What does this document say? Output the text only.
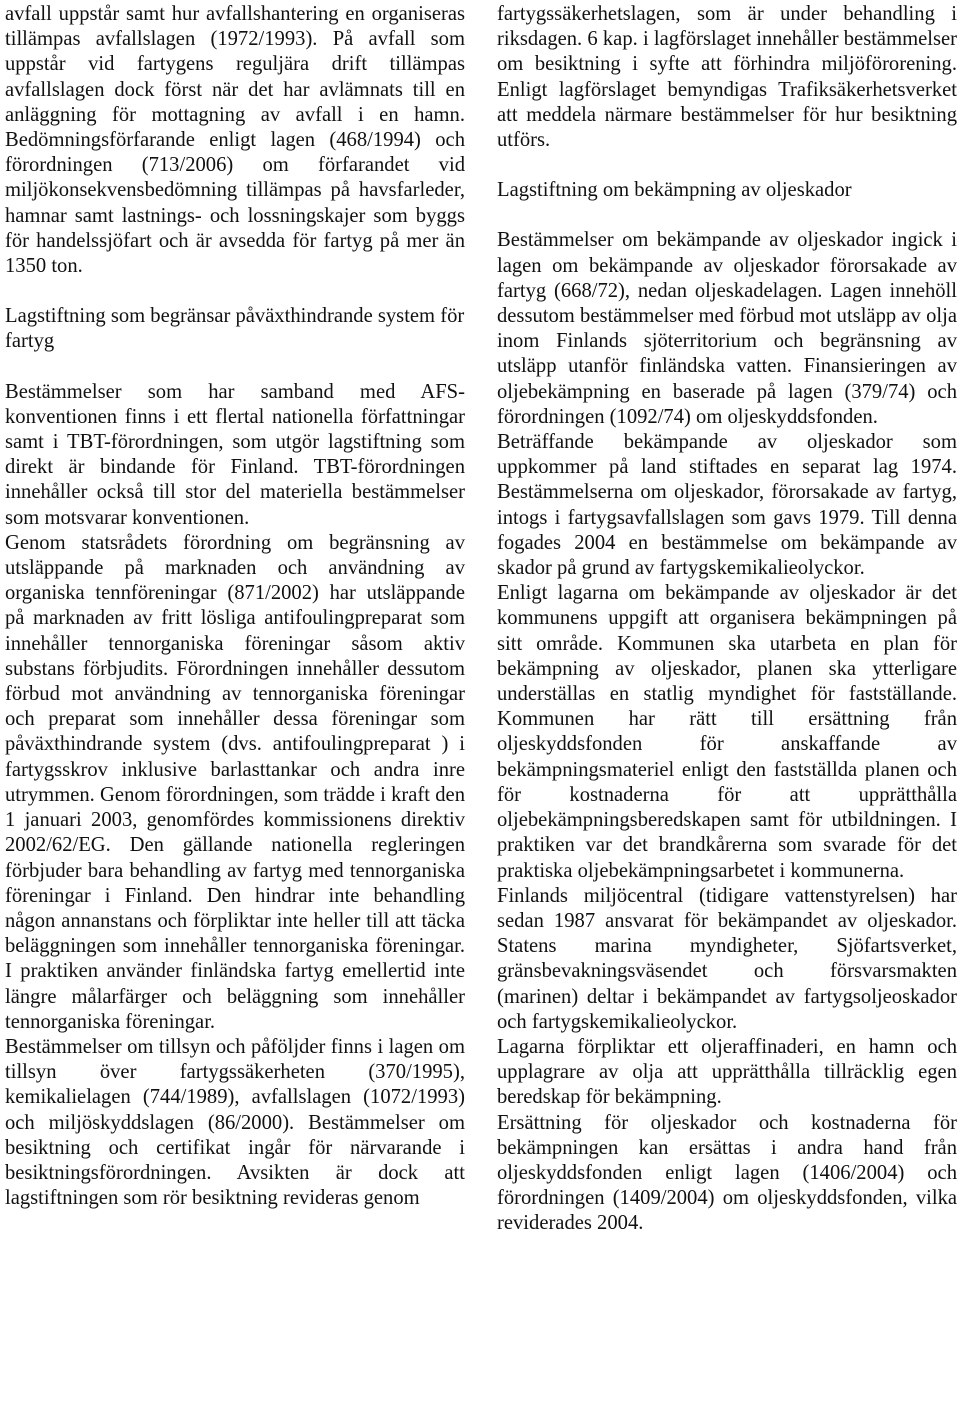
avfall uppstår samt hur avfallshantering en organiseras tillämpas avfallslagen (1972/1993). På avfall som uppstår vid fartygens reguljära drift tillämpas avfallslagen dock först när det har avlämnats till en anläggning för mottagning av avfall i en hamn. Bedömningsförfarande enligt lagen (468/1994) och förordningen (713/2006) om förfarandet vid miljökonsekvensbedömning tillämpas på havsfarleder, hamnar samt lastnings- och lossningskajer som byggs för handelssjöfart och är avsedda för fartyg på mer än 1350 ton.

Lagstiftning som begränsar påväxthindrande system för fartyg

Bestämmelser som har samband med AFS-konventionen finns i ett flertal nationella författningar samt i TBT-förordningen, som utgör lagstiftning som direkt är bindande för Finland. TBT-förordningen innehåller också till stor del materiella bestämmelser som motsvarar konventionen.

Genom statsrådets förordning om begränsning av utsläppande på marknaden och användning av organiska tennföreningar (871/2002) har utsläppande på marknaden av fritt lösliga antifoulingpreparat som innehåller tennorganiska föreningar såsom aktiv substans förbjudits. Förordningen innehåller dessutom förbud mot användning av tennorganiska föreningar och preparat som innehåller dessa föreningar som påväxthindrande system (dvs. antifoulingpreparat ) i fartygsskrov inklusive barlasttankar och andra inre utrymmen. Genom förordningen, som trädde i kraft den 1 januari 2003, genomfördes kommissionens direktiv 2002/62/EG. Den gällande nationella regleringen förbjuder bara behandling av fartyg med tennorganiska föreningar i Finland. Den hindrar inte behandling någon annanstans och förpliktar inte heller till att täcka beläggningen som innehåller tennorganiska föreningar. I praktiken använder finländska fartyg emellertid inte längre målarfärger och beläggning som innehåller tennorganiska föreningar.

Bestämmelser om tillsyn och påföljder finns i lagen om tillsyn över fartygssäkerheten (370/1995), kemikalielagen (744/1989), avfallslagen (1072/1993) och miljöskyddslagen (86/2000). Bestämmelser om besiktning och certifikat ingår för närvarande i besiktningsförordningen. Avsikten är dock att lagstiftningen som rör besiktning revideras genom

fartygssäkerhetslagen, som är under behandling i riksdagen. 6 kap. i lagförslaget innehåller bestämmelser om besiktning i syfte att förhindra miljöförorening. Enligt lagförslaget bemyndigas Trafiksäkerhetsverket att meddela närmare bestämmelser för hur besiktning utförs.

Lagstiftning om bekämpning av oljeskador

Bestämmelser om bekämpande av oljeskador ingick i lagen om bekämpande av oljeskador förorsakade av fartyg (668/72), nedan oljeskadelagen. Lagen innehöll dessutom bestämmelser med förbud mot utsläpp av olja inom Finlands sjöterritorium och begränsning av utsläpp utanför finländska vatten. Finansieringen av oljebekämpning en baserade på lagen (379/74) och förordningen (1092/74) om oljeskyddsfonden.

Beträffande bekämpande av oljeskador som uppkommer på land stiftades en separat lag 1974. Bestämmelserna om oljeskador, förorsakade av fartyg, intogs i fartygsavfallslagen som gavs 1979. Till denna fogades 2004 en bestämmelse om bekämpande av skador på grund av fartygskemikalieolyckor.

Enligt lagarna om bekämpande av oljeskador är det kommunens uppgift att organisera bekämpningen på sitt område. Kommunen ska utarbeta en plan för bekämpning av oljeskador, planen ska ytterligare underställas en statlig myndighet för fastställande. Kommunen har rätt till ersättning från oljeskyddsfonden för anskaffande av bekämpningsmateriel enligt den fastställda planen och för kostnaderna för att upprätthålla oljebekämpningsberedskapen samt för utbildningen. I praktiken var det brandkårerna som svarade för det praktiska oljebekämpningsarbetet i kommunerna.

Finlands miljöcentral (tidigare vattenstyrelsen) har sedan 1987 ansvarat för bekämpandet av oljeskador. Statens marina myndigheter, Sjöfartsverket, gränsbevakningsväsendet och försvarsmakten (marinen) deltar i bekämpandet av fartygsoljeoskador och fartygskemikalieolyckor.

Lagarna förpliktar ett oljeraffinaderi, en hamn och upplagrare av olja att upprätthålla tillräcklig egen beredskap för bekämpning.

Ersättning för oljeskador och kostnaderna för bekämpningen kan ersättas i andra hand från oljeskyddsfonden enligt lagen (1406/2004) och förordningen (1409/2004) om oljeskyddsfonden, vilka reviderades 2004.
